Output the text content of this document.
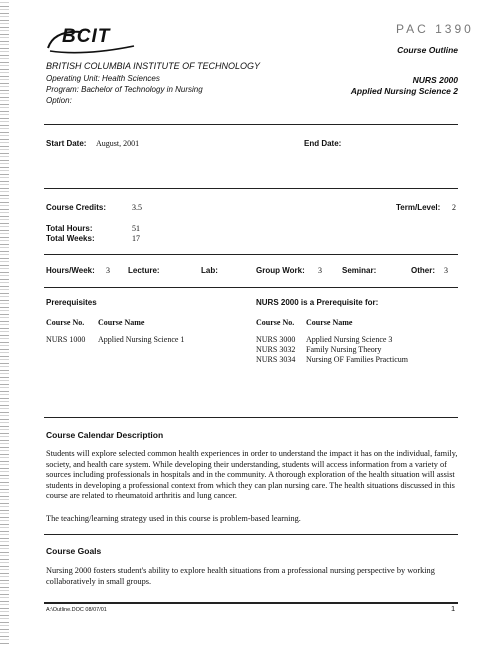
BCIT	PAC 1390
Course Outline
BRITISH COLUMBIA INSTITUTE OF TECHNOLOGY
Operating Unit: Health Sciences
Program: Bachelor of Technology in Nursing
Option:
NURS 2000
Applied Nursing Science 2
Start Date: August, 2001	End Date:
Course Credits:	3.5	Term/Level: 2
Total Hours:	51
Total Weeks:	17
Hours/Week: 3 Lecture:	Lab:	Group Work: 3	Seminar:	Other: 3
Prerequisites
Course No. Course Name
NURS 1000 Applied Nursing Science 1
NURS 2000 is a Prerequisite for:
Course No. Course Name
NURS 3000 Applied Nursing Science 3
NURS 3032 Family Nursing Theory
NURS 3034 Nursing OF Families Practicum
Course Calendar Description
Students will explore selected common health experiences in order to understand the impact it has on the individual, family, society, and health care system. While developing their understanding, students will access information from a variety of sources including professionals in hospitals and in the community. A thorough exploration of the health situation will assist students in developing a professional context from which they can plan nursing care. The health situations discussed in this course are related to rheumatoid arthritis and lung cancer.
The teaching/learning strategy used in this course is problem-based learning.
Course Goals
Nursing 2000 fosters student's ability to explore health situations from a professional nursing perspective by working collaboratively in small groups.
A:\Outline.DOC 08/07/01	1
